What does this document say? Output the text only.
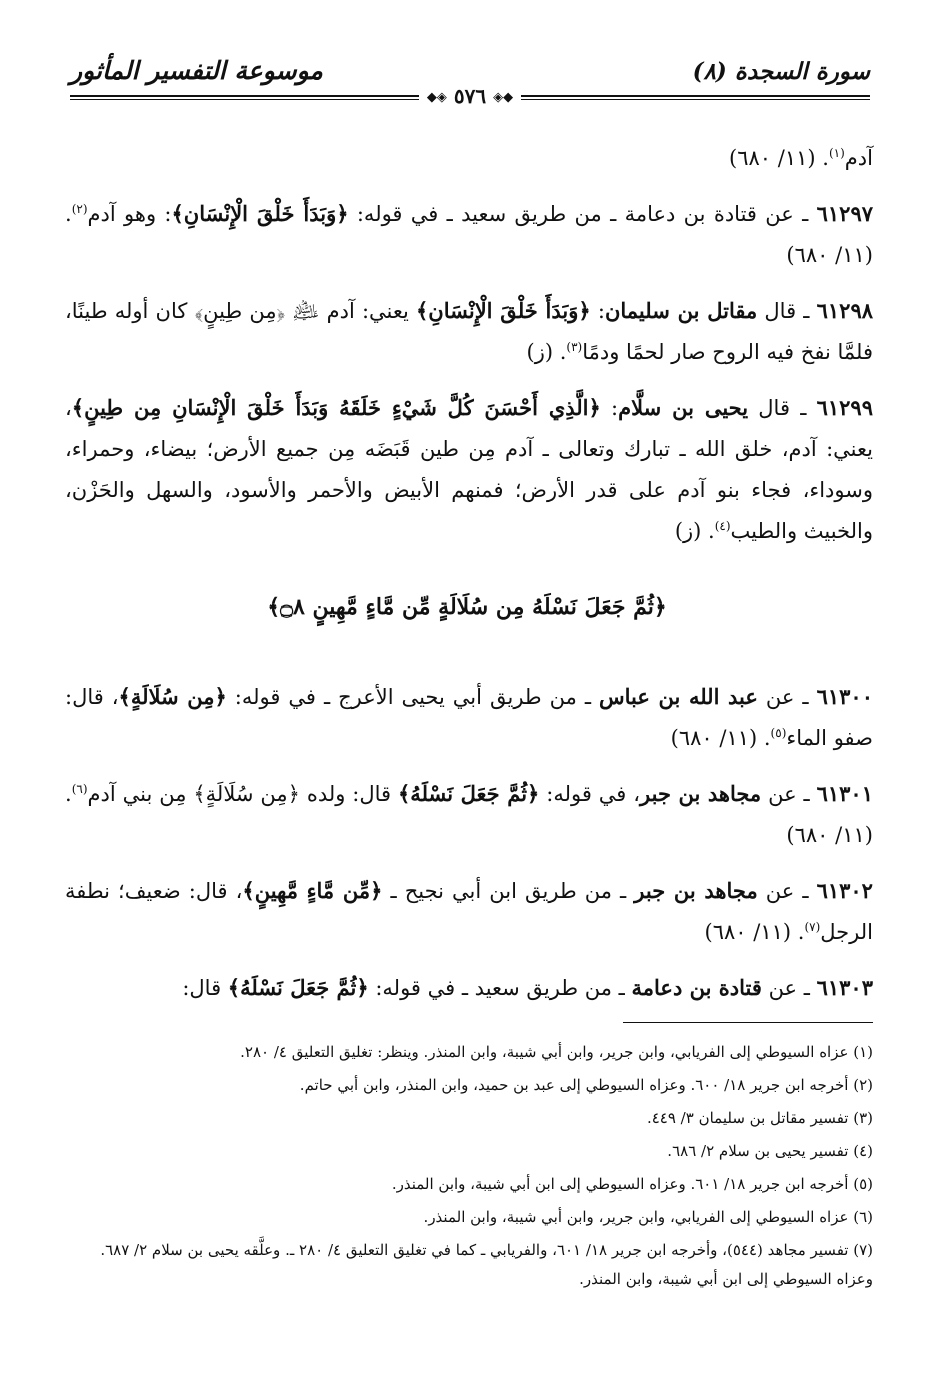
سورة السجدة (٨)
موسوعة التفسير المأثور
◆◈ ٥٧٦ ◈◆

آدم$^{(١)}$. (١١/ ٦٨٠)

٦١٢٩٧ ـ عن قتادة بن دعامة ـ من طريق سعيد ـ في قوله: ﴿وَبَدَأَ خَلْقَ الْإِنْسَانِ﴾: وهو آدم$^{(٢)}$. (١١/ ٦٨٠)

٦١٢٩٨ ـ قال مقاتل بن سليمان: ﴿وَبَدَأَ خَلْقَ الْإِنْسَانِ﴾ يعني: آدم ﵇ ﴿مِن طِينٍ﴾ كان أوله طينًا، فلمَّا نفخ فيه الروح صار لحمًا ودمًا$^{(٣)}$. (ز)

٦١٢٩٩ ـ قال يحيى بن سلَّام: ﴿الَّذِي أَحْسَنَ كُلَّ شَيْءٍ خَلَقَهُ وَبَدَأَ خَلْقَ الْإِنْسَانِ مِن طِينٍ﴾، يعني: آدم، خلق الله ـ تبارك وتعالى ـ آدم مِن طين قَبَضَه مِن جميع الأرض؛ بيضاء، وحمراء، وسوداء، فجاء بنو آدم على قدر الأرض؛ فمنهم الأبيض والأحمر والأسود، والسهل والحَزْن، والخبيث والطيب$^{(٤)}$. (ز)

﴿ثُمَّ جَعَلَ نَسْلَهُ مِن سُلَالَةٍ مِّن مَّاءٍ مَّهِينٍ ۝٨﴾

٦١٣٠٠ ـ عن عبد الله بن عباس ـ من طريق أبي يحيى الأعرج ـ في قوله: ﴿مِن سُلَالَةٍ﴾، قال: صفو الماء$^{(٥)}$. (١١/ ٦٨٠)

٦١٣٠١ ـ عن مجاهد بن جبر، في قوله: ﴿ثُمَّ جَعَلَ نَسْلَهُ﴾ قال: ولده ﴿مِن سُلَالَةٍ﴾ مِن بني آدم$^{(٦)}$. (١١/ ٦٨٠)

٦١٣٠٢ ـ عن مجاهد بن جبر ـ من طريق ابن أبي نجيح ـ ﴿مِّن مَّاءٍ مَّهِينٍ﴾، قال: ضعيف؛ نطفة الرجل$^{(٧)}$. (١١/ ٦٨٠)

٦١٣٠٣ ـ عن قتادة بن دعامة ـ من طريق سعيد ـ في قوله: ﴿ثُمَّ جَعَلَ نَسْلَهُ﴾ قال:

(١) عزاه السيوطي إلى الفريابي، وابن جرير، وابن أبي شيبة، وابن المنذر. وينظر: تغليق التعليق ٤/ ٢٨٠.

(٢) أخرجه ابن جرير ١٨/ ٦٠٠. وعزاه السيوطي إلى عبد بن حميد، وابن المنذر، وابن أبي حاتم.

(٣) تفسير مقاتل بن سليمان ٣/ ٤٤٩.

(٤) تفسير يحيى بن سلام ٢/ ٦٨٦.

(٥) أخرجه ابن جرير ١٨/ ٦٠١. وعزاه السيوطي إلى ابن أبي شيبة، وابن المنذر.

(٦) عزاه السيوطي إلى الفريابي، وابن جرير، وابن أبي شيبة، وابن المنذر.

(٧) تفسير مجاهد (٥٤٤)، وأخرجه ابن جرير ١٨/ ٦٠١، والفريابي ـ كما في تغليق التعليق ٤/ ٢٨٠ ـ. وعلَّقه يحيى بن سلام ٢/ ٦٨٧. وعزاه السيوطي إلى ابن أبي شيبة، وابن المنذر.
